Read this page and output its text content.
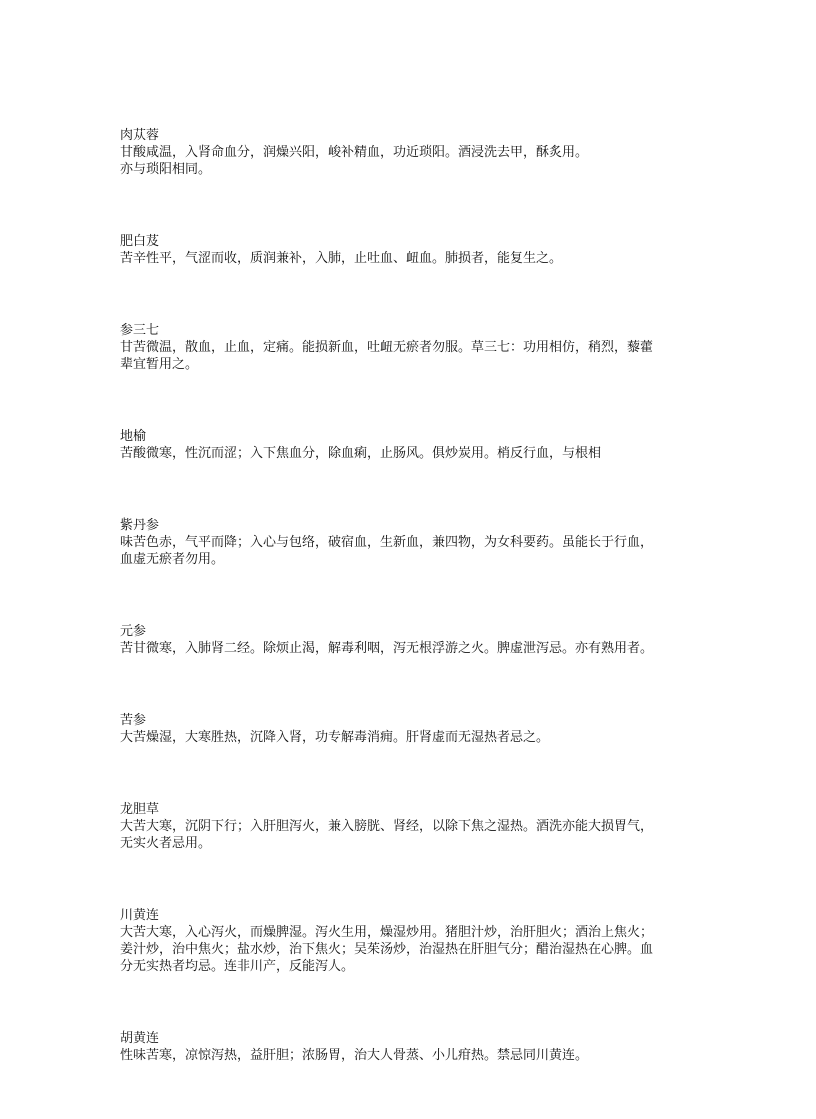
肉苁蓉
甘酸咸温，入肾命血分，润燥兴阳，峻补精血，功近琐阳。酒浸洗去甲，酥炙用。
亦与琐阳相同。
肥白芨
苦辛性平，气涩而收，质润兼补，入肺，止吐血、衄血。肺损者，能复生之。
参三七
甘苦微温，散血，止血，定痛。能损新血，吐衄无瘀者勿服。草三七：功用相仿，稍烈，藜藿
辈宜暂用之。
地榆
苦酸微寒，性沉而涩；入下焦血分，除血痢，止肠风。俱炒炭用。梢反行血，与根相
紫丹参
味苦色赤，气平而降；入心与包络，破宿血，生新血，兼四物，为女科要药。虽能长于行血，
血虚无瘀者勿用。
元参
苦甘微寒，入肺肾二经。除烦止渴，解毒利咽，泻无根浮游之火。脾虚泄泻忌。亦有熟用者。
苦参
大苦燥湿，大寒胜热，沉降入肾，功专解毒消痈。肝肾虚而无湿热者忌之。
龙胆草
大苦大寒，沉阴下行；入肝胆泻火，兼入膀胱、肾经，以除下焦之湿热。酒洗亦能大损胃气，
无实火者忌用。
川黄连
大苦大寒，入心泻火，而燥脾湿。泻火生用，燥湿炒用。猪胆汁炒，治肝胆火；酒治上焦火；
姜汁炒，治中焦火；盐水炒，治下焦火；吴茱汤炒，治湿热在肝胆气分；醋治湿热在心脾。血
分无实热者均忌。连非川产，反能泻人。
胡黄连
性味苦寒，凉惊泻热，益肝胆；浓肠胃，治大人骨蒸、小儿疳热。禁忌同川黄连。
